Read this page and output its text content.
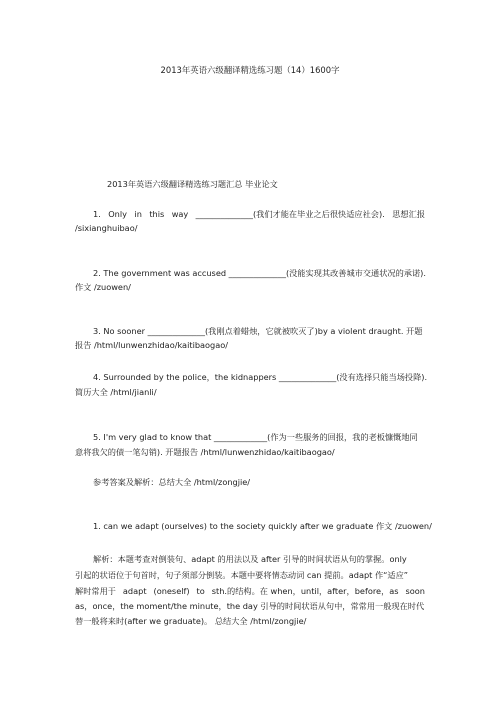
2013年英语六级翻译精选练习题（14）1600字
2013年英语六级翻译精选练习题汇总 毕业论文
1. Only in this way ______________(我们才能在毕业之后很快适应社会). 思想汇报
/sixianghuibao/
2. The government was accused ______________(没能实现其改善城市交通状况的承诺).
作文 /zuowen/
3. No sooner ______________(我刚点着蜡烛，它就被吹灭了)by a violent draught. 开题
报告 /html/lunwenzhidao/kaitibaogao/
4. Surrounded by the police，the kidnappers ______________(没有选择只能当场投降).
简历大全 /html/jianli/
5. I'm very glad to know that _____________(作为一些服务的回报，我的老板慷慨地同
意将我欠的债一笔勾销). 开题报告 /html/lunwenzhidao/kaitibaogao/
参考答案及解析：总结大全 /html/zongjie/
1. can we adapt (ourselves) to the society quickly after we graduate 作文 /zuowen/
解析：本题考查对倒装句、adapt 的用法以及 after 引导的时间状语从句的掌握。only
引起的状语位于句首时，句子须部分倒装。本题中要将情态动词 can 提前。adapt 作“适应”
解时常用于 adapt (oneself) to sth.的结构。在 when，until，after，before，as soon
as，once，the moment/the minute，the day 引导的时间状语从句中，常常用一般现在时代
替一般将来时(after we graduate)。 总结大全 /html/zongjie/
